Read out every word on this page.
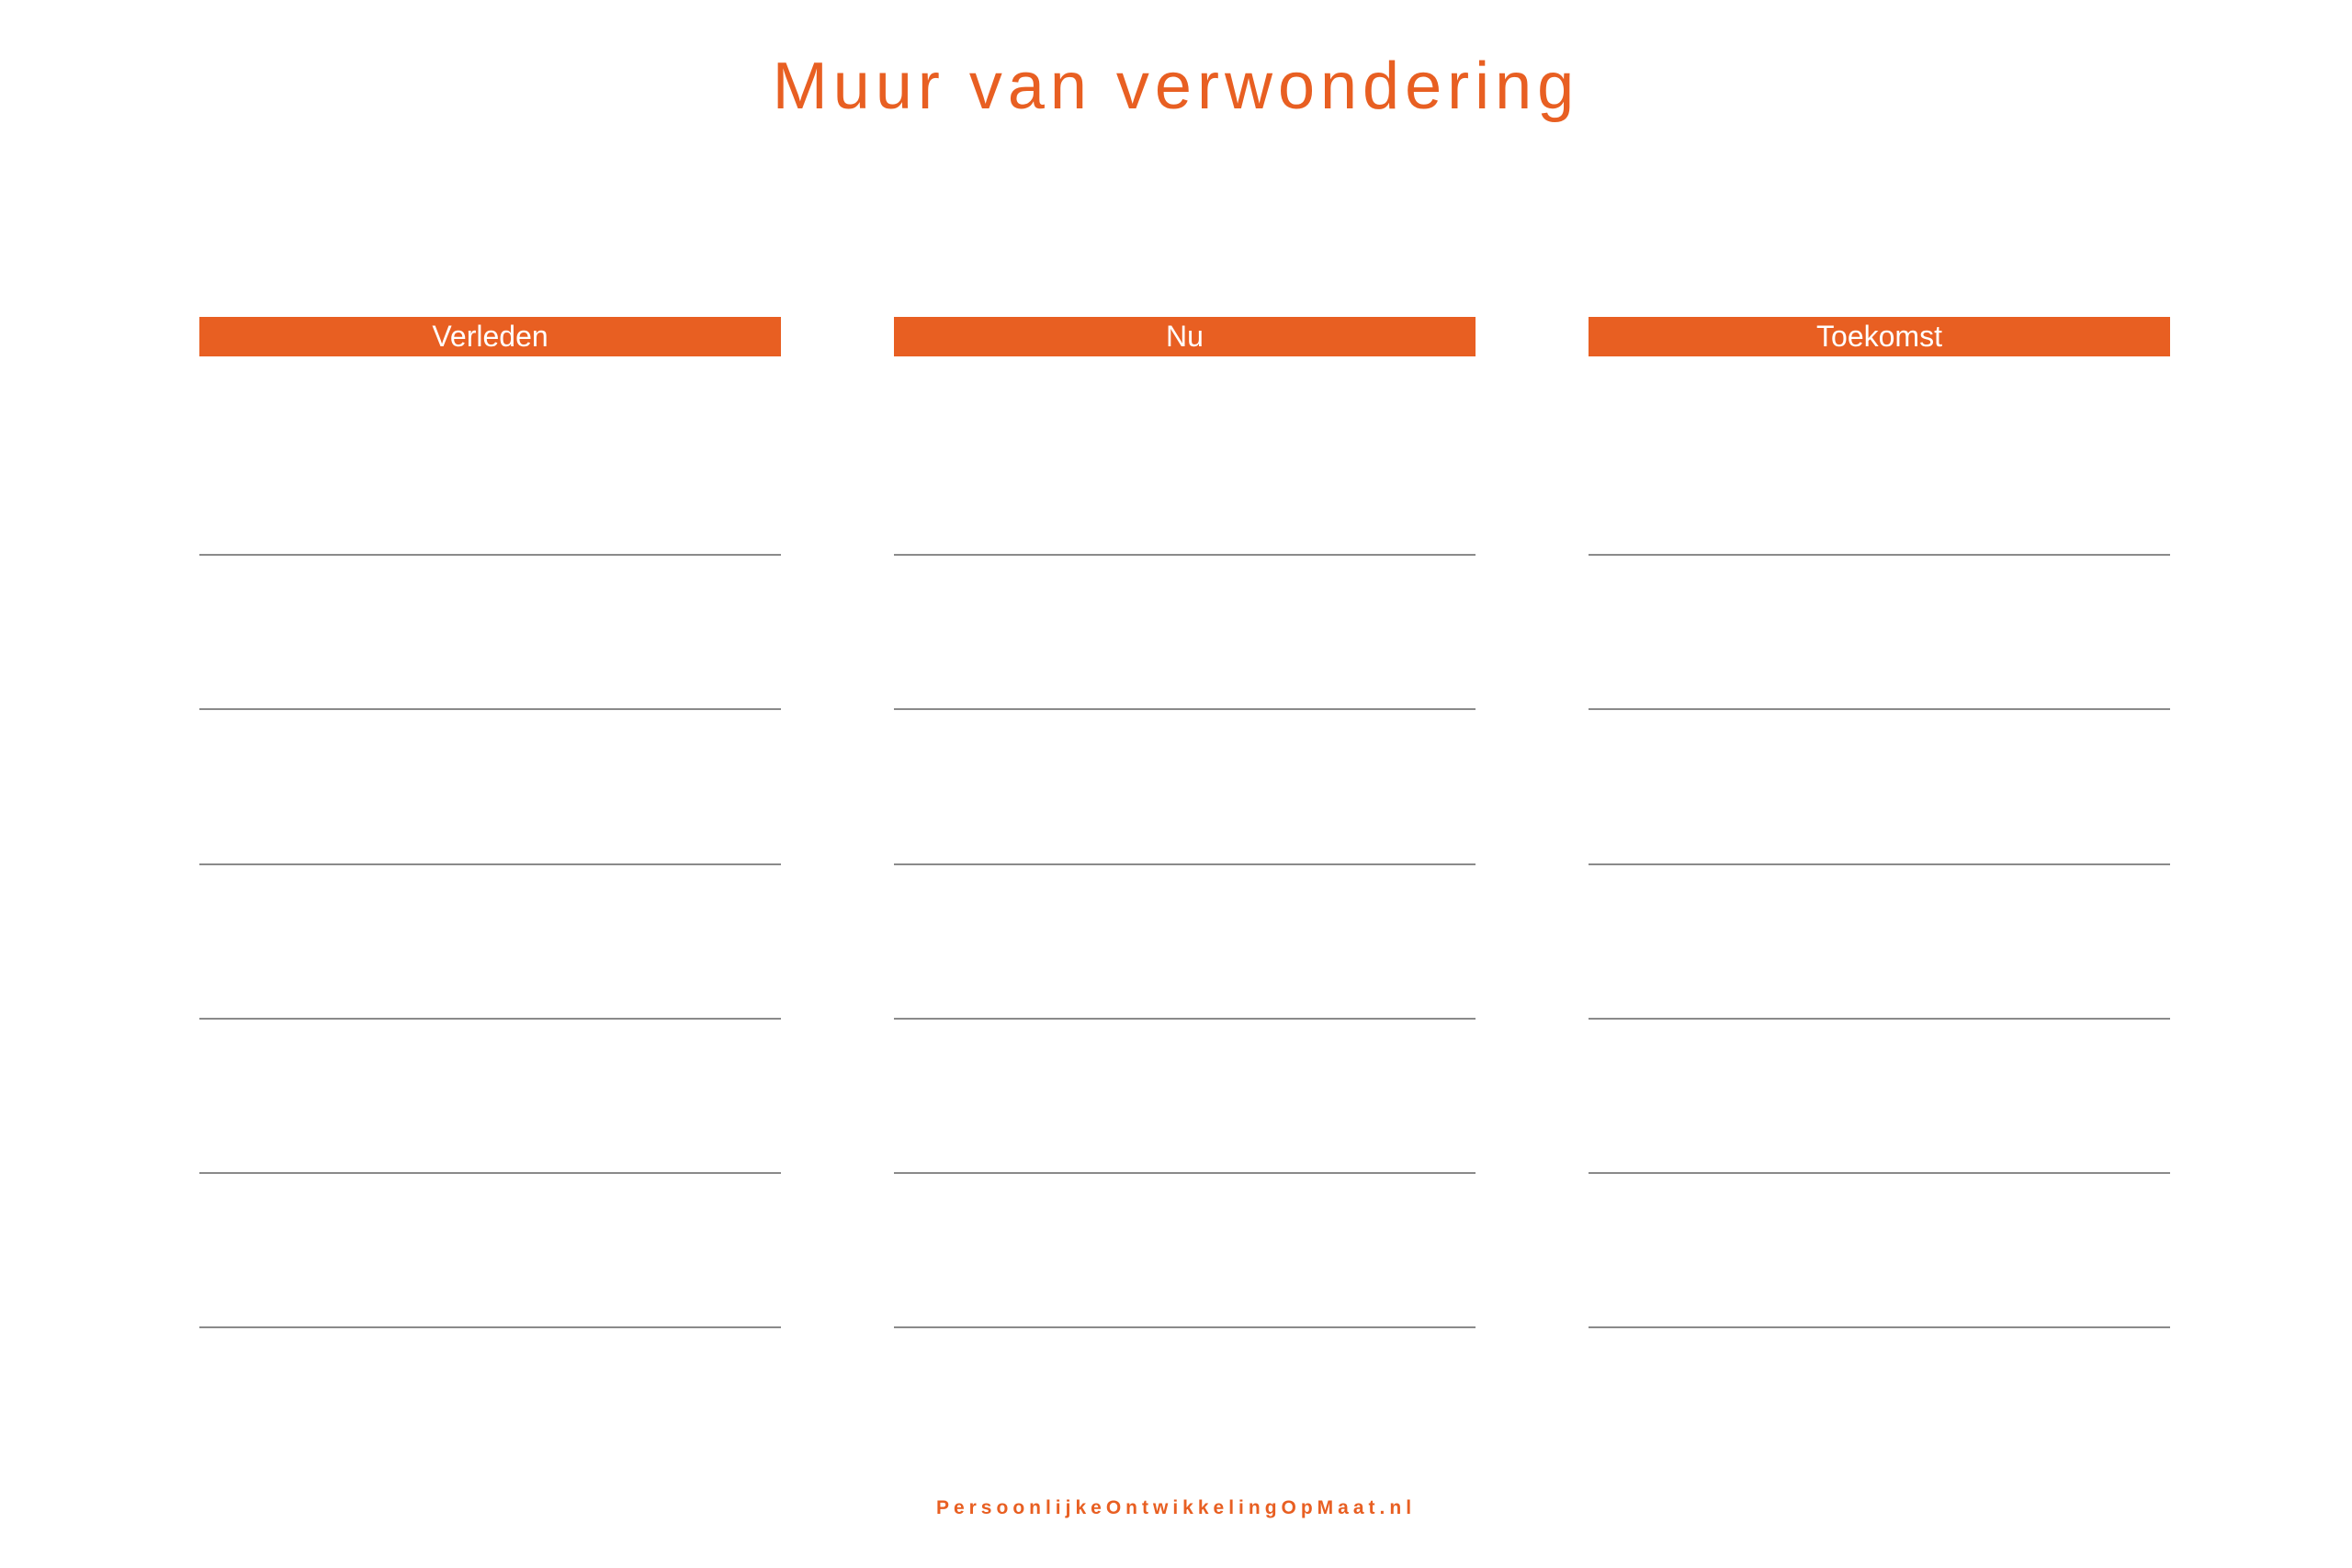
Muur van verwondering
Verleden	Nu	Toekomst
PersoonlijkeOntwikkelingOpMaat.nl
